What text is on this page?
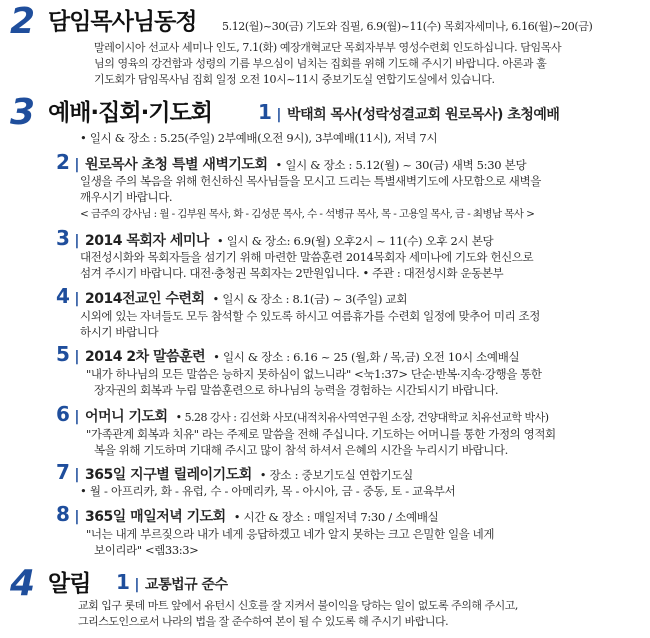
2 담임목사님동정 5.12(월)~30(금) 기도와 집필, 6.9(월)~11(수) 목회자세미나, 6.16(월)~20(금)
말레이시아 선교사 세미나 인도, 7.1(화) 예장개혁교단 목회자부부 영성수련회 인도하십니다. 담임목사
님의 영육의 강건함과 성령의 기름 부으심이 넘치는 집회를 위해 기도해 주시기 바랍니다. 아론과 훌
기도회가 담임목사님 집회 일정 오전 10시~11시 중보기도실 연합기도실에서 있습니다.
3 예배·집회·기도회 1 | 박태희 목사(성락성결교회 원로목사) 초청예배
• 일시 & 장소 : 5.25(주일) 2부예배(오전 9시), 3부예배(11시), 저녁 7시
2 | 원로목사 초청 특별 새벽기도회 • 일시 & 장소 : 5.12(월) ~ 30(금) 새벽 5:30 본당
일생을 주의 복음을 위해 헌신하신 목사님들을 모시고 드리는 특별새벽기도에 사모함으로 새벽을
깨우시기 바랍니다.
< 금주의 강사님 : 월 - 김부원 목사, 화 - 김성문 목사, 수 - 석병규 목사, 목 - 고용일 목사, 금 - 최병남 목사 >
3 | 2014 목회자 세미나 • 일시 & 장소: 6.9(월) 오후2시 ~ 11(수) 오후 2시 본당
대전성시화와 목회자들을 섬기기 위해 마련한 말씀훈련 2014목회자 세미나에 기도와 헌신으로
섬겨 주시기 바랍니다. 대전·충청권 목회자는 2만원입니다. • 주관 : 대전성시화 운동본부
4 | 2014전교인 수련회 • 일시 & 장소 : 8.1(금) ~ 3(주일) 교회
시외에 있는 자녀들도 모두 참석할 수 있도록 하시고 여름휴가를 수련회 일정에 맞추어 미리 조정
하시기 바랍니다
5 | 2014 2차 말씀훈련 • 일시 & 장소 : 6.16 ~ 25 (월,화 / 목,금) 오전 10시 소예배실
"내가 하나님의 모든 말씀은 능하지 못하심이 없느니라" <눅1:37> 단순·반복·지속·강행을 통한
장자권의 회복과 누림 말씀훈련으로 하나님의 능력을 경험하는 시간되시기 바랍니다.
6 | 어머니 기도회 • 5.28 강사 : 김선화 사모(내적치유사역연구원 소장, 건양대학교 치유선교학 박사)
"가족관계 회복과 치유" 라는 주제로 말씀을 전해 주십니다. 기도하는 어머니를 통한 가정의 영적회
복을 위해 기도하며 기대해 주시고 많이 참석 하셔서 은혜의 시간을 누리시기 바랍니다.
7 | 365일 지구별 릴레이기도회 • 장소 : 중보기도실 연합기도실
• 월 - 아프리카, 화 - 유럽, 수 - 아메리카, 목 - 아시아, 금 - 중동, 토 - 교육부서
8 | 365일 매일저녁 기도회 • 시간 & 장소 : 매일저녁 7:30 / 소예배실
"너는 내게 부르짖으라 내가 네게 응답하겠고 네가 알지 못하는 크고 은밀한 일을 네게
보이리라" <렘33:3>
4 알림 1 | 교통법규 준수
교회 입구 롯데 마트 앞에서 유턴시 신호를 잘 지켜서 불이익을 당하는 일이 없도록 주의해 주시고,
그리스도인으로서 나라의 법을 잘 준수하여 본이 될 수 있도록 해 주시기 바랍니다.
